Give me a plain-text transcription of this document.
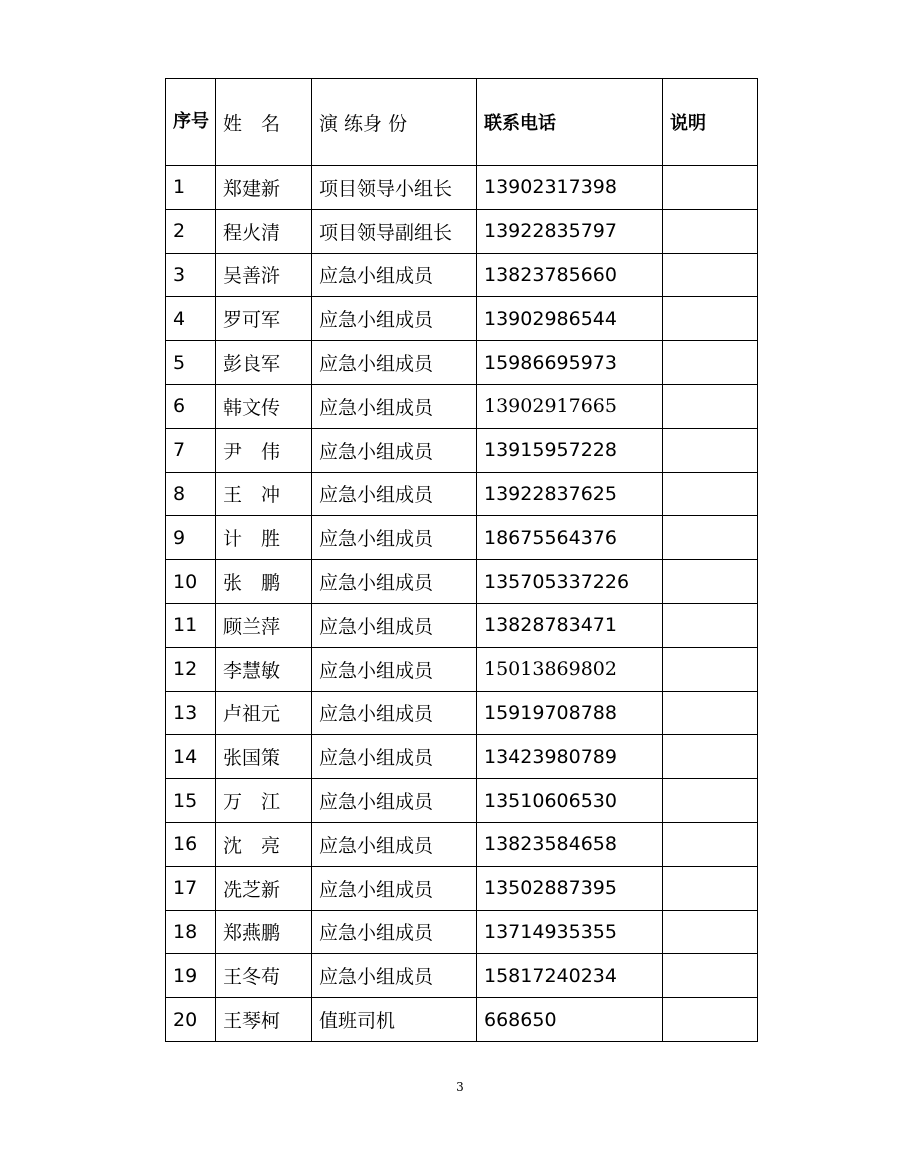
序号	姓　名	演 练身 份	联系电话	说明
1	郑建新	项目领导小组长	13902317398	
2	程火清	项目领导副组长	13922835797	
3	吴善浒	应急小组成员	13823785660	
4	罗可军	应急小组成员	13902986544	
5	彭良军	应急小组成员	15986695973	
6	韩文传	应急小组成员	13902917665	
7	尹　伟	应急小组成员	13915957228	
8	王　冲	应急小组成员	13922837625	
9	计　胜	应急小组成员	18675564376	
10	张　鹏	应急小组成员	135705337226	
11	顾兰萍	应急小组成员	13828783471	
12	李慧敏	应急小组成员	15013869802	
13	卢祖元	应急小组成员	15919708788	
14	张国策	应急小组成员	13423980789	
15	万　江	应急小组成员	13510606530	
16	沈　亮	应急小组成员	13823584658	
17	冼芝新	应急小组成员	13502887395	
18	郑燕鹏	应急小组成员	13714935355	
19	王冬苟	应急小组成员	15817240234	
20	王琴柯	值班司机	668650	
3
